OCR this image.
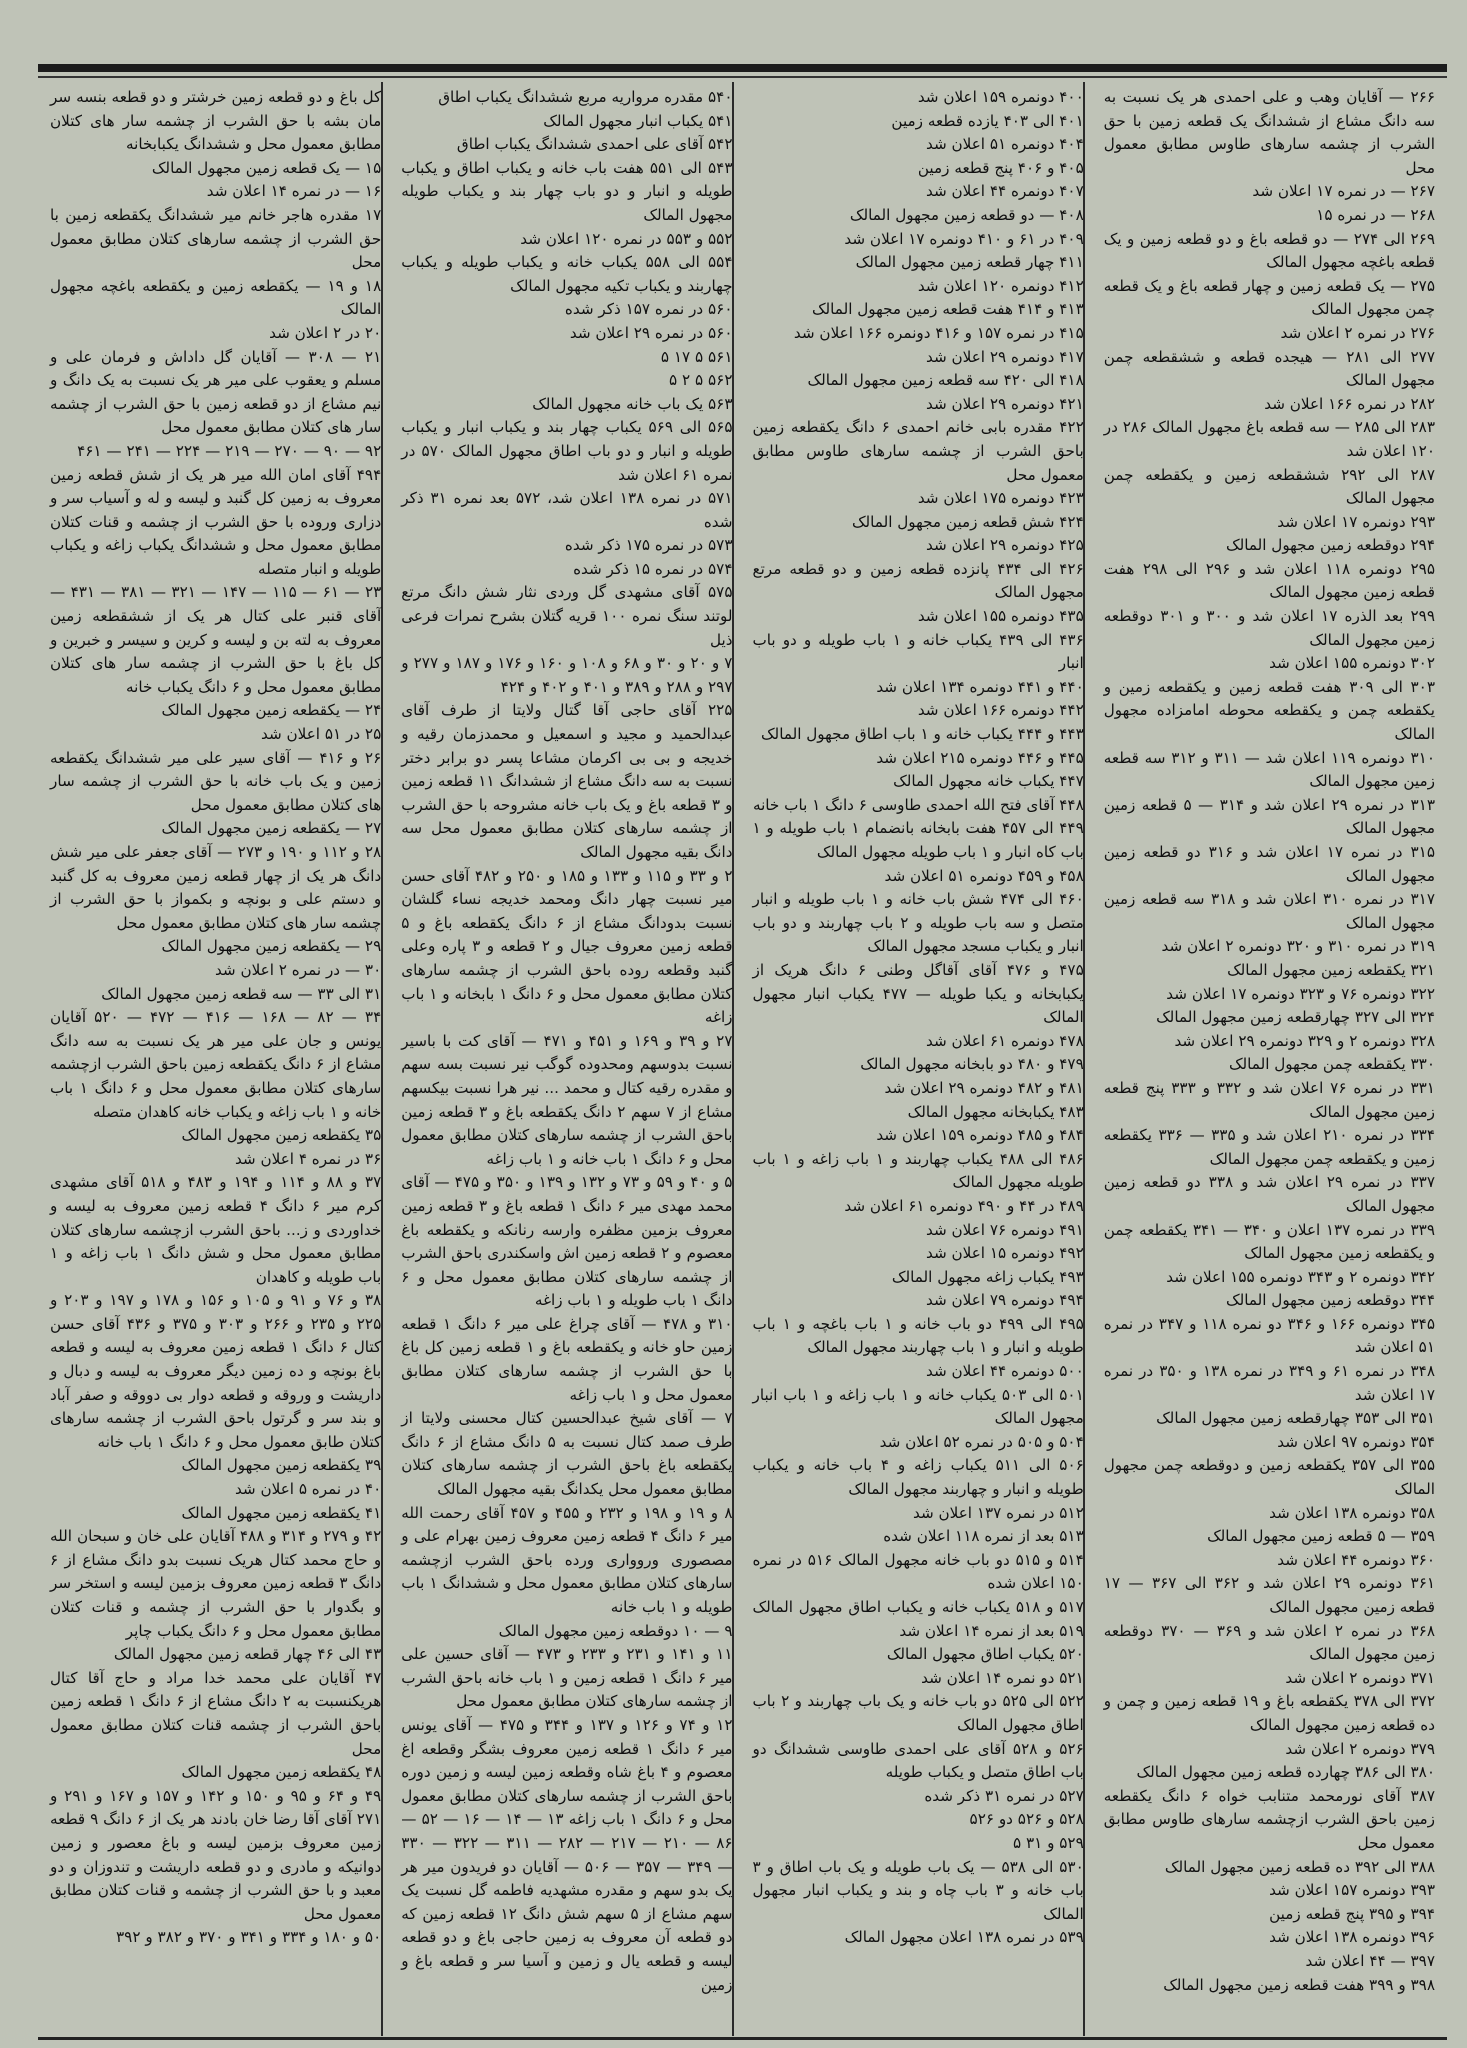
۲۶۶ — آقایان وهب و علی احمدی هر یک نسبت به سه دانگ مشاع از ششدانگ یک قطعه زمین با حق الشرب از چشمه سارهای طاوس مطابق معمول محل

۲۶۷ — در نمره ۱۷ اعلان شد

۲۶۸ — در نمره ۱۵

۲۶۹ الی ۲۷۴ — دو قطعه باغ و دو قطعه زمین و یک قطعه باغچه مجهول المالک

۲۷۵ — یک قطعه زمین و چهار قطعه باغ و یک قطعه چمن مجهول المالک

۲۷۶ در نمره ۲ اعلان شد

۲۷۷ الی ۲۸۱ — هیجده قطعه و ششقطعه چمن مجهول المالک

۲۸۲ در نمره ۱۶۶ اعلان شد

۲۸۳ الی ۲۸۵ — سه قطعه باغ مجهول المالک ۲۸۶ در ۱۲۰ اعلان شد

۲۸۷ الی ۲۹۲ ششقطعه زمین و یکقطعه چمن مجهول المالک

۲۹۳ دونمره ۱۷ اعلان شد

۲۹۴ دوقطعه زمین مجهول المالک

۲۹۵ دونمره ۱۱۸ اعلان شد و ۲۹۶ الی ۲۹۸ هفت قطعه زمین مجهول المالک

۲۹۹ بعد الذره ۱۷ اعلان شد و ۳۰۰ و ۳۰۱ دوقطعه زمین مجهول المالک

۳۰۲ دونمره ۱۵۵ اعلان شد

۳۰۳ الی ۳۰۹ هفت قطعه زمین و یکقطعه زمین و یکقطعه چمن و یکقطعه محوطه امامزاده مجهول المالک

۳۱۰ دونمره ۱۱۹ اعلان شد — ۳۱۱ و ۳۱۲ سه قطعه زمین مجهول المالک

۳۱۳ در نمره ۲۹ اعلان شد و ۳۱۴ — ۵ قطعه زمین مجهول المالک

۳۱۵ در نمره ۱۷ اعلان شد و ۳۱۶ دو قطعه زمین مجهول المالک

۳۱۷ در نمره ۳۱۰ اعلان شد و ۳۱۸ سه قطعه زمین مجهول المالک

۳۱۹ در نمره ۳۱۰ و ۳۲۰ دونمره ۲ اعلان شد

۳۲۱ یکقطعه زمین مجهول المالک

۳۲۲ دونمره ۷۶ و ۳۲۳ دونمره ۱۷ اعلان شد

۳۲۴ الی ۳۲۷ چهارقطعه زمین مجهول المالک

۳۲۸ دونمره ۲ و ۳۲۹ دونمره ۲۹ اعلان شد

۳۳۰ یکقطعه چمن مجهول المالک

۳۳۱ در نمره ۷۶ اعلان شد و ۳۳۲ و ۳۳۳ پنج قطعه زمین مجهول المالک

۳۳۴ در نمره ۲۱۰ اعلان شد و ۳۳۵ — ۳۳۶ یکقطعه زمین و یکقطعه چمن مجهول المالک

۳۳۷ در نمره ۲۹ اعلان شد و ۳۳۸ دو قطعه زمین مجهول المالک

۳۳۹ در نمره ۱۳۷ اعلان و ۳۴۰ — ۳۴۱ یکقطعه چمن و یکقطعه زمین مجهول المالک

۳۴۲ دونمره ۲ و ۳۴۳ دونمره ۱۵۵ اعلان شد

۳۴۴ دوقطعه زمین مجهول المالک

۳۴۵ دونمره ۱۶۶ و ۳۴۶ دو نمره ۱۱۸ و ۳۴۷ در نمره ۵۱ اعلان شد

۳۴۸ در نمره ۶۱ و ۳۴۹ در نمره ۱۳۸ و ۳۵۰ در نمره ۱۷ اعلان شد

۳۵۱ الی ۳۵۳ چهارقطعه زمین مجهول المالک

۳۵۴ دونمره ۹۷ اعلان شد

۳۵۵ الی ۳۵۷ یکقطعه زمین و دوقطعه چمن مجهول المالک

۳۵۸ دونمره ۱۳۸ اعلان شد

۳۵۹ — ۵ قطعه زمین مجهول المالک

۳۶۰ دونمره ۴۴ اعلان شد

۳۶۱ دونمره ۲۹ اعلان شد و ۳۶۲ الی ۳۶۷ — ۱۷ قطعه زمین مجهول المالک

۳۶۸ در نمره ۲ اعلان شد و ۳۶۹ — ۳۷۰ دوقطعه زمین مجهول المالک

۳۷۱ دونمره ۲ اعلان شد

۳۷۲ الی ۳۷۸ یکقطعه باغ و ۱۹ قطعه زمین و چمن و ده قطعه زمین مجهول المالک

۳۷۹ دونمره ۲ اعلان شد

۳۸۰ الی ۳۸۶ چهارده قطعه زمین مجهول المالک

۳۸۷ آقای نورمحمد متنابب خواه ۶ دانگ یکقطعه زمین باحق الشرب ازچشمه سارهای طاوس مطابق معمول محل

۳۸۸ الی ۳۹۲ ده قطعه زمین مجهول المالک

۳۹۳ دونمره ۱۵۷ اعلان شد

۳۹۴ و ۳۹۵ پنج قطعه زمین

۳۹۶ دونمره ۱۳۸ اعلان شد

۳۹۷ — ۴۴ اعلان شد

۳۹۸ و ۳۹۹ هفت قطعه زمین مجهول المالک

۴۰۰ دونمره ۱۵۹ اعلان شد

۴۰۱ الی ۴۰۳ یازده قطعه زمین

۴۰۴ دونمره ۵۱ اعلان شد

۴۰۵ و ۴۰۶ پنج قطعه زمین

۴۰۷ دونمره ۴۴ اعلان شد

۴۰۸ — دو قطعه زمین مجهول المالک

۴۰۹ در ۶۱ و ۴۱۰ دونمره ۱۷ اعلان شد

۴۱۱ چهار قطعه زمین مجهول المالک

۴۱۲ دونمره ۱۲۰ اعلان شد

۴۱۳ و ۴۱۴ هفت قطعه زمین مجهول المالک

۴۱۵ در نمره ۱۵۷ و ۴۱۶ دونمره ۱۶۶ اعلان شد

۴۱۷ دونمره ۲۹ اعلان شد

۴۱۸ الی ۴۲۰ سه قطعه زمین مجهول المالک

۴۲۱ دونمره ۲۹ اعلان شد

۴۲۲ مقدره بابی خانم احمدی ۶ دانگ یکقطعه زمین باحق الشرب از چشمه سارهای طاوس مطابق معمول محل

۴۲۳ دونمره ۱۷۵ اعلان شد

۴۲۴ شش قطعه زمین مجهول المالک

۴۲۵ دونمره ۲۹ اعلان شد

۴۲۶ الی ۴۳۴ پانزده قطعه زمین و دو قطعه مرتع مجهول المالک

۴۳۵ دونمره ۱۵۵ اعلان شد

۴۳۶ الی ۴۳۹ یکباب خانه و ۱ باب طویله و دو باب انبار

۴۴۰ و ۴۴۱ دونمره ۱۳۴ اعلان شد

۴۴۲ دونمره ۱۶۶ اعلان شد

۴۴۳ و ۴۴۴ یکباب خانه و ۱ باب اطاق مجهول المالک

۴۴۵ و ۴۴۶ دونمره ۲۱۵ اعلان شد

۴۴۷ یکباب خانه مجهول المالک

۴۴۸ آقای فتح الله احمدی طاوسی ۶ دانگ ۱ باب خانه

۴۴۹ الی ۴۵۷ هفت بابخانه بانضمام ۱ باب طویله و ۱ باب کاه انبار و ۱ باب طویله مجهول المالک

۴۵۸ و ۴۵۹ دونمره ۵۱ اعلان شد

۴۶۰ الی ۴۷۴ شش باب خانه و ۱ باب طویله و انبار متصل و سه باب طویله و ۲ باب چهاربند و دو باب انبار و یکباب مسجد مجهول المالک

۴۷۵ و ۴۷۶ آقای آقاگل وطنی ۶ دانگ هریک از یکبابخانه و یکبا طویله — ۴۷۷ یکباب انبار مجهول المالک

۴۷۸ دونمره ۶۱ اعلان شد

۴۷۹ و ۴۸۰ دو بابخانه مجهول المالک

۴۸۱ و ۴۸۲ دونمره ۲۹ اعلان شد

۴۸۳ یکبابخانه مجهول المالک

۴۸۴ و ۴۸۵ دونمره ۱۵۹ اعلان شد

۴۸۶ الی ۴۸۸ یکباب چهاربند و ۱ باب زاغه و ۱ باب طویله مجهول المالک

۴۸۹ در ۴۴ و ۴۹۰ دونمره ۶۱ اعلان شد

۴۹۱ دونمره ۷۶ اعلان شد

۴۹۲ دونمره ۱۵ اعلان شد

۴۹۳ یکباب زاغه مجهول المالک

۴۹۴ دونمره ۷۹ اعلان شد

۴۹۵ الی ۴۹۹ دو باب خانه و ۱ باب باغچه و ۱ باب طویله و انبار و ۱ باب چهاربند مجهول المالک

۵۰۰ دونمره ۴۴ اعلان شد

۵۰۱ الی ۵۰۳ یکباب خانه و ۱ باب زاغه و ۱ باب انبار مجهول المالک

۵۰۴ و ۵۰۵ در نمره ۵۲ اعلان شد

۵۰۶ الی ۵۱۱ یکباب زاغه و ۴ باب خانه و یکباب طویله و انبار و چهاربند مجهول المالک

۵۱۲ در نمره ۱۳۷ اعلان شد

۵۱۳ بعد از نمره ۱۱۸ اعلان شده

۵۱۴ و ۵۱۵ دو باب خانه مجهول المالک ۵۱۶ در نمره ۱۵۰ اعلان شده

۵۱۷ و ۵۱۸ یکباب خانه و یکباب اطاق مجهول المالک ۵۱۹ بعد از نمره ۱۴ اعلان شد

۵۲۰ یکباب اطاق مجهول المالک

۵۲۱ دو نمره ۱۴ اعلان شد

۵۲۲ الی ۵۲۵ دو باب خانه و یک باب چهاربند و ۲ باب اطاق مجهول المالک

۵۲۶ و ۵۲۸ آقای علی احمدی طاوسی ششدانگ دو باب اطاق متصل و یکباب طویله

۵۲۷ در نمره ۳۱ ذکر شده

۵۲۸ و ۵۲۶ دو ۵۲۶

۵۲۹ و ۳۱ ۵

۵۳۰ الی ۵۳۸ — یک باب طویله و یک باب اطاق و ۳ باب خانه و ۳ باب چاه و بند و یکباب انبار مجهول المالک

۵۳۹ در نمره ۱۳۸ اعلان مجهول المالک

۵۴۰ مقدره مرواریه مربع ششدانگ یکباب اطاق

۵۴۱ یکباب انبار مجهول المالک

۵۴۲ آقای علی احمدی ششدانگ یکباب اطاق

۵۴۳ الی ۵۵۱ هفت باب خانه و یکباب اطاق و یکباب طویله و انبار و دو باب چهار بند و یکباب طویله مجهول المالک

۵۵۲ و ۵۵۳ در نمره ۱۲۰ اعلان شد

۵۵۴ الی ۵۵۸ یکباب خانه و یکباب طویله و یکباب چهاربند و یکباب تکیه مجهول المالک

۵۶۰ در نمره ۱۵۷ ذکر شده

۵۶۰ در نمره ۲۹ اعلان شد

۵۶۱ ۵ ۱۷ ۵

۵۶۲ ۵ ۲ ۵

۵۶۳ یک باب خانه مجهول المالک

۵۶۵ الی ۵۶۹ یکباب چهار بند و یکباب انبار و یکباب طویله و انبار و دو باب اطاق مجهول المالک ۵۷۰ در نمره ۶۱ اعلان شد

۵۷۱ در نمره ۱۳۸ اعلان شد، ۵۷۲ بعد نمره ۳۱ ذکر شده

۵۷۳ در نمره ۱۷۵ ذکر شده

۵۷۴ در نمره ۱۵ ذکر شده

۵۷۵ آقای مشهدی گل وردی نثار شش دانگ مرتع لوتند سنگ نمره ۱۰۰ قریه گتلان بشرح نمرات فرعی ذیل

۷ و ۲۰ و ۳۰ و ۶۸ و ۱۰۸ و ۱۶۰ و ۱۷۶ و ۱۸۷ و ۲۷۷ و ۲۹۷ و ۲۸۸ و ۳۸۹ و ۴۰۱ و ۴۰۲ و ۴۲۴

۲۲۵ آقای حاجی آقا گتال ولایتا از طرف آقای عبدالحمید و مجید و اسمعیل و محمدزمان رقیه و خدیجه و بی بی اکرمان مشاعا پسر دو برابر دختر نسبت به سه دانگ مشاع از ششدانگ ۱۱ قطعه زمین و ۳ قطعه باغ و یک باب خانه مشروحه با حق الشرب از چشمه سارهای کتلان مطابق معمول محل سه دانگ بقیه مجهول المالک

۲ و ۳۳ و ۱۱۵ و ۱۳۳ و ۱۸۵ و ۲۵۰ و ۴۸۲ آقای حسن میر نسبت چهار دانگ ومحمد خدیجه نساء گلشان نسبت بدودانگ مشاع از ۶ دانگ یکقطعه باغ و ۵ قطعه زمین معروف جیال و ۲ قطعه و ۳ پاره وعلی گنبد وقطعه روده باحق الشرب از چشمه سارهای کتلان مطابق معمول محل و ۶ دانگ ۱ بابخانه و ۱ باب زاغه

۲۷ و ۳۹ و ۱۶۹ و ۴۵۱ و ۴۷۱ — آقای کت با باسیر نسبت بدوسهم ومحدوده گوگب نیر نسبت بسه سهم و مقدره رقیه کتال و محمد ... نیر هرا نسبت بیکسهم مشاع از ۷ سهم ۲ دانگ یکقطعه باغ و ۳ قطعه زمین باحق الشرب از چشمه سارهای کتلان مطابق معمول محل و ۶ دانگ ۱ باب خانه و ۱ باب زاغه

۵ و ۴۰ و ۵۹ و ۷۳ و ۱۳۲ و ۱۳۹ و ۳۵۰ و ۴۷۵ — آقای محمد مهدی میر ۶ دانگ ۱ قطعه باغ و ۳ قطعه زمین معروف بزمین مظفره وارسه رنانکه و یکقطعه باغ معصوم و ۲ قطعه زمین اش واسکندری باحق الشرب از چشمه سارهای کتلان مطابق معمول محل و ۶ دانگ ۱ باب طویله و ۱ باب زاغه

۳۱۰ و ۴۷۸ — آقای چراغ علی میر ۶ دانگ ۱ قطعه زمین حاو خانه و یکقطعه باغ و ۱ قطعه زمین کل باغ با حق الشرب از چشمه سارهای کتلان مطابق معمول محل و ۱ باب زاغه

۷ — آقای شیخ عبدالحسین کتال محسنی ولایتا از طرف صمد کتال نسبت به ۵ دانگ مشاع از ۶ دانگ یکقطعه باغ باحق الشرب از چشمه سارهای کتلان مطابق معمول محل یکدانگ بقیه مجهول المالک

۸ و ۱۹ و ۱۹۸ و ۲۳۲ و ۴۵۵ و ۴۵۷ آقای رحمت الله میر ۶ دانگ ۴ قطعه زمین معروف زمین بهرام علی و مصصوری وروواری ورده باحق الشرب ازچشمه سارهای کتلان مطابق معمول محل و ششدانگ ۱ باب طویله و ۱ باب خانه

۹ — ۱۰ دوقطعه زمین مجهول المالک

۱۱ و ۱۴۱ و ۲۳۱ و ۲۳۳ و ۴۷۳ — آقای حسین علی میر ۶ دانگ ۱ قطعه زمین و ۱ باب خانه باحق الشرب از چشمه سارهای کتلان مطابق معمول محل

۱۲ و ۷۴ و ۱۲۶ و ۱۳۷ و ۳۴۴ و ۴۷۵ — آقای یونس میر ۶ دانگ ۱ قطعه زمین معروف بشگر وقطعه اغ معصوم و ۴ باغ شاه وقطعه زمین لیسه و زمین دوره باحق الشرب از چشمه سارهای کتلان مطابق معمول محل و ۶ دانگ ۱ باب زاغه ۱۳ — ۱۴ — ۱۶ — ۵۲ — ۸۶ — ۲۱۰ — ۲۱۷ — ۲۸۲ — ۳۱۱ — ۳۲۲ — ۳۳۰ — ۳۴۹ — ۳۵۷ — ۵۰۶ — آقایان دو فریدون میر هر یک بدو سهم و مقدره مشهدیه فاطمه گل نسبت یک سهم مشاع از ۵ سهم شش دانگ ۱۲ قطعه زمین که دو قطعه آن معروف به زمین حاجی باغ و دو قطعه لیسه و قطعه یال و زمین و آسیا سر و قطعه باغ و زمین

کل باغ و دو قطعه زمین خرشتر و دو قطعه بنسه سر مان بشه با حق الشرب از چشمه سار های کتلان مطابق معمول محل و ششدانگ یکبابخانه

۱۵ — یک قطعه زمین مجهول المالک

۱۶ — در نمره ۱۴ اعلان شد

۱۷ مقدره هاجر خانم میر ششدانگ یکقطعه زمین با حق الشرب از چشمه سارهای کتلان مطابق معمول محل

۱۸ و ۱۹ — یکقطعه زمین و یکقطعه باغچه مجهول المالک

۲۰ در ۲ اعلان شد

۲۱ — ۳۰۸ — آقایان گل داداش و فرمان علی و مسلم و یعقوب علی میر هر یک نسبت به یک دانگ و نیم مشاع از دو قطعه زمین با حق الشرب از چشمه سار های کتلان مطابق معمول محل

۹۲ — ۹۰ — ۲۷۰ — ۲۱۹ — ۲۲۴ — ۲۴۱ — ۴۶۱

۴۹۴ آقای امان الله میر هر یک از شش قطعه زمین معروف به زمین کل گنبد و لیسه و له و آسیاب سر و دزاری وروده با حق الشرب از چشمه و قنات کتلان مطابق معمول محل و ششدانگ یکباب زاغه و یکباب طویله و انبار متصله

۲۳ — ۶۱ — ۱۱۵ — ۱۴۷ — ۳۲۱ — ۳۸۱ — ۴۳۱ — آقای قنبر علی کتال هر یک از ششقطعه زمین معروف به لته بن و لیسه و کرین و سیسر و خبرین و کل باغ با حق الشرب از چشمه سار های کتلان مطابق معمول محل و ۶ دانگ یکباب خانه

۲۴ — یکقطعه زمین مجهول المالک

۲۵ در ۵۱ اعلان شد

۲۶ و ۴۱۶ — آقای سیر علی میر ششدانگ یکقطعه زمین و یک باب خانه با حق الشرب از چشمه سار های کتلان مطابق معمول محل

۲۷ — یکقطعه زمین مجهول المالک

۲۸ و ۱۱۲ و ۱۹۰ و ۲۷۳ — آقای جعفر علی میر شش دانگ هر یک از چهار قطعه زمین معروف به کل گنبد و دستم علی و بونچه و بکمواز با حق الشرب از چشمه سار های کتلان مطابق معمول محل

۲۹ — یکقطعه زمین مجهول المالک

۳۰ — در نمره ۲ اعلان شد

۳۱ الی ۳۳ — سه قطعه زمین مجهول المالک

۳۴ — ۸۲ — ۱۶۸ — ۴۱۶ — ۴۷۲ — ۵۲۰ آقایان یونس و جان علی میر هر یک نسبت به سه دانگ مشاع از ۶ دانگ یکقطعه زمین باحق الشرب ازچشمه سارهای کتلان مطابق معمول محل و ۶ دانگ ۱ باب خانه و ۱ باب زاغه و یکباب خانه کاهدان متصله

۳۵ یکقطعه زمین مجهول المالک

۳۶ در نمره ۴ اعلان شد

۳۷ و ۸۸ و ۱۱۴ و ۱۹۴ و ۴۸۳ و ۵۱۸ آقای مشهدی کرم میر ۶ دانگ ۴ قطعه زمین معروف به لیسه و خداوردی و ز... باحق الشرب ازچشمه سارهای کتلان مطابق معمول محل و شش دانگ ۱ باب زاغه و ۱ باب طویله و کاهدان

۳۸ و ۷۶ و ۹۱ و ۱۰۵ و ۱۵۶ و ۱۷۸ و ۱۹۷ و ۲۰۳ و ۲۲۵ و ۲۳۵ و ۲۶۶ و ۳۰۳ و ۳۷۵ و ۴۳۶ آقای حسن کتال ۶ دانگ ۱ قطعه زمین معروف به لیسه و قطعه باغ بونچه و ده زمین دیگر معروف به لیسه و دبال و داریشت و وروقه و قطعه دوار بی دووقه و صفر آباد و بند سر و گرتول باحق الشرب از چشمه سارهای کتلان طابق معمول محل و ۶ دانگ ۱ باب خانه

۳۹ یکقطعه زمین مجهول المالک

۴۰ در نمره ۵ اعلان شد

۴۱ یکقطعه زمین مجهول المالک

۴۲ و ۲۷۹ و ۳۱۴ و ۴۸۸ آقایان علی خان و سبحان الله و حاج محمد کتال هریک نسبت بدو دانگ مشاع از ۶ دانگ ۳ قطعه زمین معروف بزمین لیسه و استخر سر و بگدوار با حق الشرب از چشمه و قنات کتلان مطابق معمول محل و ۶ دانگ یکباب چاپر

۴۳ الی ۴۶ چهار قطعه زمین مجهول المالک

۴۷ آقایان علی محمد خدا مراد و حاج آقا کتال هریکنسبت به ۲ دانگ مشاع از ۶ دانگ ۱ قطعه زمین باحق الشرب از چشمه قنات کتلان مطابق معمول محل

۴۸ یکقطعه زمین مجهول المالک

۴۹ و ۶۴ و ۹۵ و ۱۵۰ و ۱۴۲ و ۱۵۷ و ۱۶۷ و ۲۹۱ و ۲۷۱ آقای آقا رضا خان بادند هر یک از ۶ دانگ ۹ قطعه زمین معروف بزمین لیسه و باغ معصور و زمین دوانیکه و مادری و دو قطعه داریشت و تندوزان و دو معبد و با حق الشرب از چشمه و قنات کتلان مطابق معمول محل

۵۰ و ۱۸۰ و ۳۳۴ و ۳۴۱ و ۳۷۰ و ۳۸۲ و ۳۹۲
